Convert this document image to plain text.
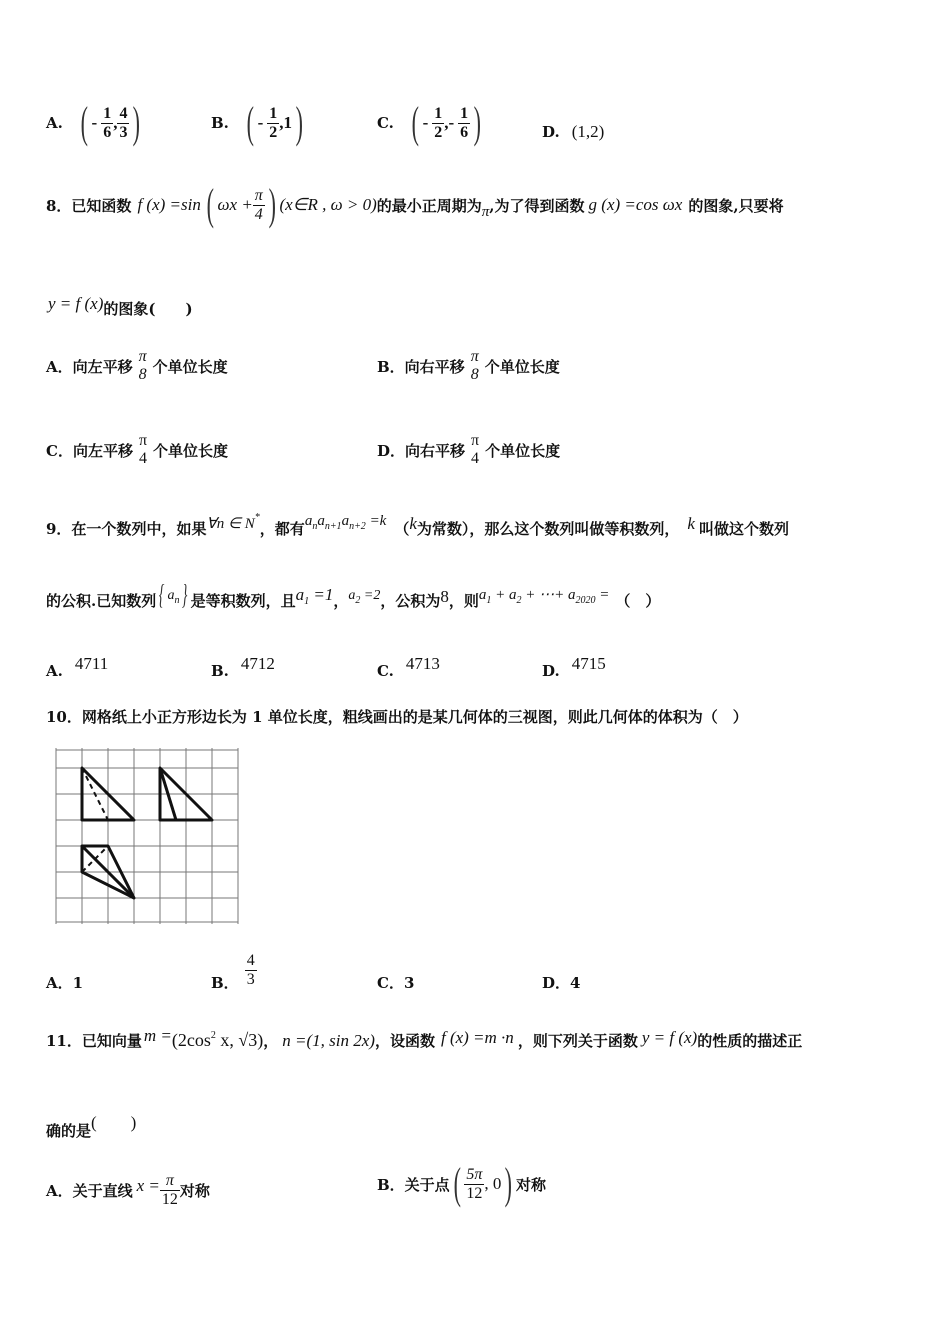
A. ( - $\frac{1}{6}$ , $\frac{4}{3}$ )	B. ( - $\frac{1}{2}$ , 1 )	C. ( - $\frac{1}{2}$ , - $\frac{1}{6}$ )	D. (1,2)
8．已知函数 f (x) =sin ( $\omega x + \frac{\pi}{4}$ ) (x∈R , ω > 0) 的最小正周期为 π ,为了得到函数 g (x) =cos ωx 的图象,只要将
y = f (x) 的图象(　　)
A．向左平移
π
8 个单位长度	B．向右平移
π
8 个单位长度
C．向左平移
π
4 个单位长度	D．向右平移
π
4 个单位长度
9．在一个数列中，如果 ∀n ∈ N*
，都有 $a_na_{n+1}a_{n+2} =k$ （ k 为常数），那么这个数列叫做等积数列， k 叫做这个数列
的公积.已知数列 { $a_n$ } 是等积数列，且 $a_1 =1$ ， $a_2 =2$ ，公积为 8 ，则 $a_1 + a_2$ + ⋯+ $a_{2020}$ = （　）
A. 4711	B. 4712	C. 4713	D. 4715
10．网格纸上小正方形边长为 1 单位长度，粗线画出的是某几何体的三视图，则此几何体的体积为（　）
A．1	B． $\frac{4}{3}$	C．3	D．4
11．已知向量 $m = (2\cos^2$ x, √3) ， n =(1, sin 2x) ，设函数 f (x) =m ·n ，则下列关于函数 y = f (x) 的性质的描述正
确的是 (　　)
A．关于直线 $x = \frac{\pi}{12}$ 对称	B．关于点 ( $\frac{5\pi}{12}$ , 0 ) 对称
